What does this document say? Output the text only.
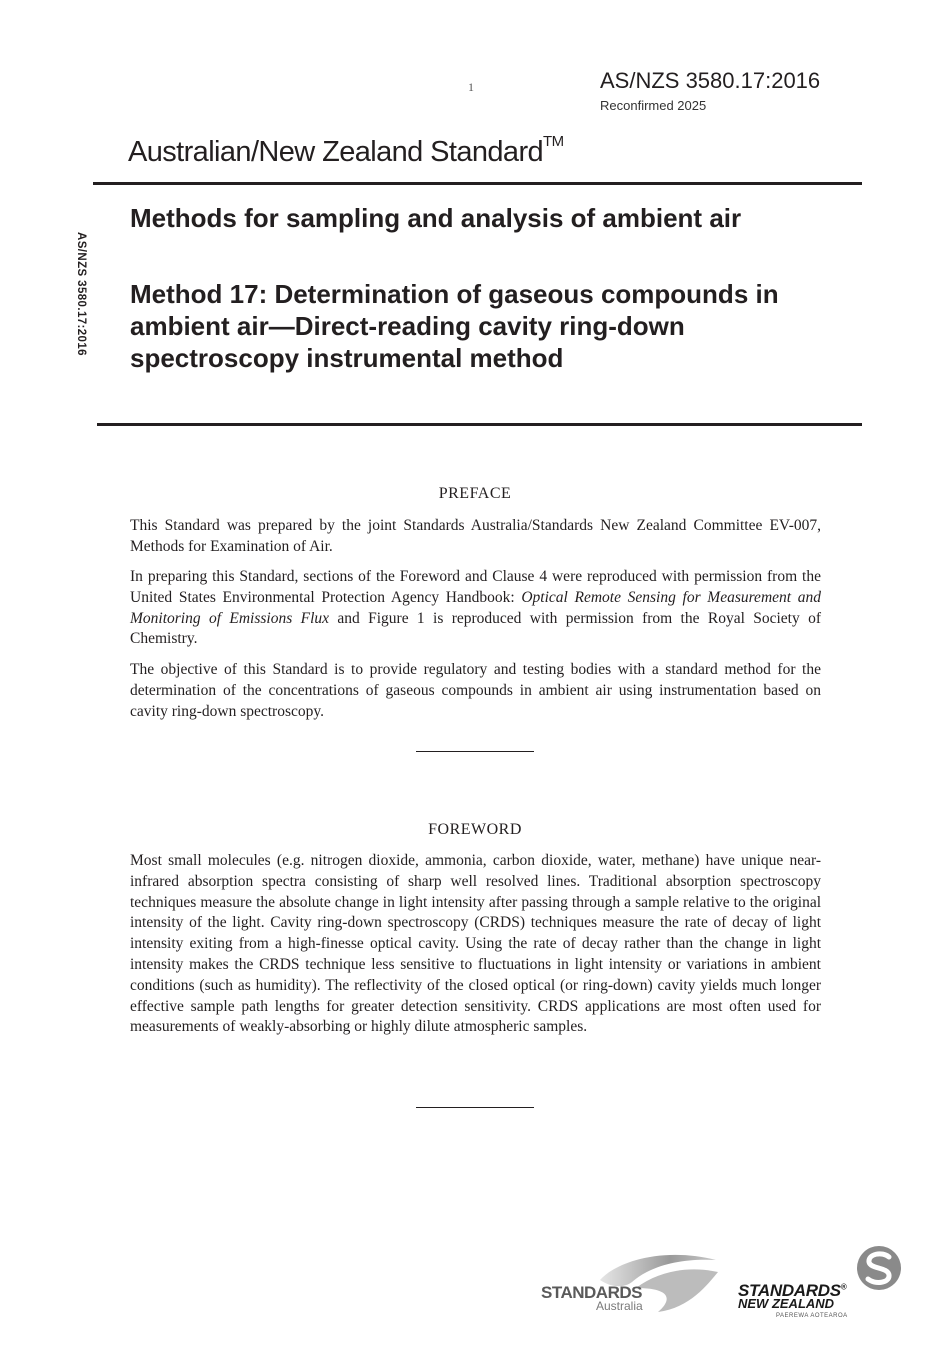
1	AS/NZS 3580.17:2016
Reconfirmed 2025
Australian/New Zealand Standard™
AS/NZS 3580.17:2016
Methods for sampling and analysis of ambient air
Method 17: Determination of gaseous compounds in ambient air—Direct-reading cavity ring-down spectroscopy instrumental method
PREFACE

This Standard was prepared by the joint Standards Australia/Standards New Zealand Committee EV-007, Methods for Examination of Air.

In preparing this Standard, sections of the Foreword and Clause 4 were reproduced with permission from the United States Environmental Protection Agency Handbook: Optical Remote Sensing for Measurement and Monitoring of Emissions Flux and Figure 1 is reproduced with permission from the Royal Society of Chemistry.

The objective of this Standard is to provide regulatory and testing bodies with a standard method for the determination of the concentrations of gaseous compounds in ambient air using instrumentation based on cavity ring-down spectroscopy.

FOREWORD

Most small molecules (e.g. nitrogen dioxide, ammonia, carbon dioxide, water, methane) have unique near-infrared absorption spectra consisting of sharp well resolved lines. Traditional absorption spectroscopy techniques measure the absolute change in light intensity after passing through a sample relative to the original intensity of the light. Cavity ring-down spectroscopy (CRDS) techniques measure the rate of decay of light intensity exiting from a high-finesse optical cavity. Using the rate of decay rather than the change in light intensity makes the CRDS technique less sensitive to fluctuations in light intensity or variations in ambient conditions (such as humidity). The reflectivity of the closed optical (or ring-down) cavity yields much longer effective sample path lengths for greater detection sensitivity. CRDS applications are most often used for measurements of weakly-absorbing or highly dilute atmospheric samples.

STANDARDS
Australia
STANDARDS®
NEW ZEALAND
PAEREWA AOTEAROA
